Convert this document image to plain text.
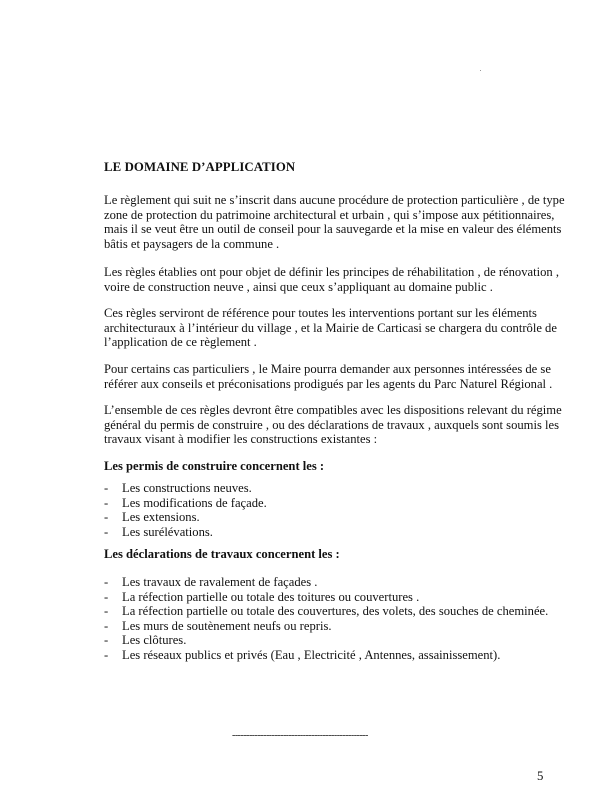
LE DOMAINE D’APPLICATION

Le règlement qui suit ne s’inscrit dans aucune procédure de protection particulière , de type
zone de protection du patrimoine architectural et urbain , qui s’impose aux pétitionnaires,
mais il se veut être un outil de conseil pour la sauvegarde et la mise en valeur des éléments
bâtis et paysagers de la commune .

Les règles établies ont pour objet de définir les principes de réhabilitation , de rénovation ,
voire de construction neuve , ainsi que ceux s’appliquant au domaine public .

Ces règles serviront de référence pour toutes les interventions portant sur les éléments
architecturaux à l’intérieur du village , et la Mairie de Carticasi se chargera du contrôle de
l’application de ce règlement .

Pour certains cas particuliers , le Maire pourra demander aux personnes intéressées de se
référer aux conseils et préconisations prodigués par les agents du Parc Naturel Régional .

L’ensemble de ces règles devront être compatibles avec les dispositions relevant du régime
général du permis de construire , ou des déclarations de travaux , auxquels sont soumis les
travaux visant à modifier les constructions existantes :

Les permis de construire concernent les :

- Les constructions neuves.
- Les modifications de façade.
- Les extensions.
- Les surélévations.

Les déclarations de travaux concernent les :

- Les travaux de ravalement de façades .
- La réfection partielle ou totale des toitures ou couvertures .
- La réfection partielle ou totale des couvertures, des volets, des souches de cheminée.
- Les murs de soutènement neufs ou repris.
- Les clôtures.
- Les réseaux publics et privés (Eau , Electricité , Antennes, assainissement).

------------------------------------------------

5
